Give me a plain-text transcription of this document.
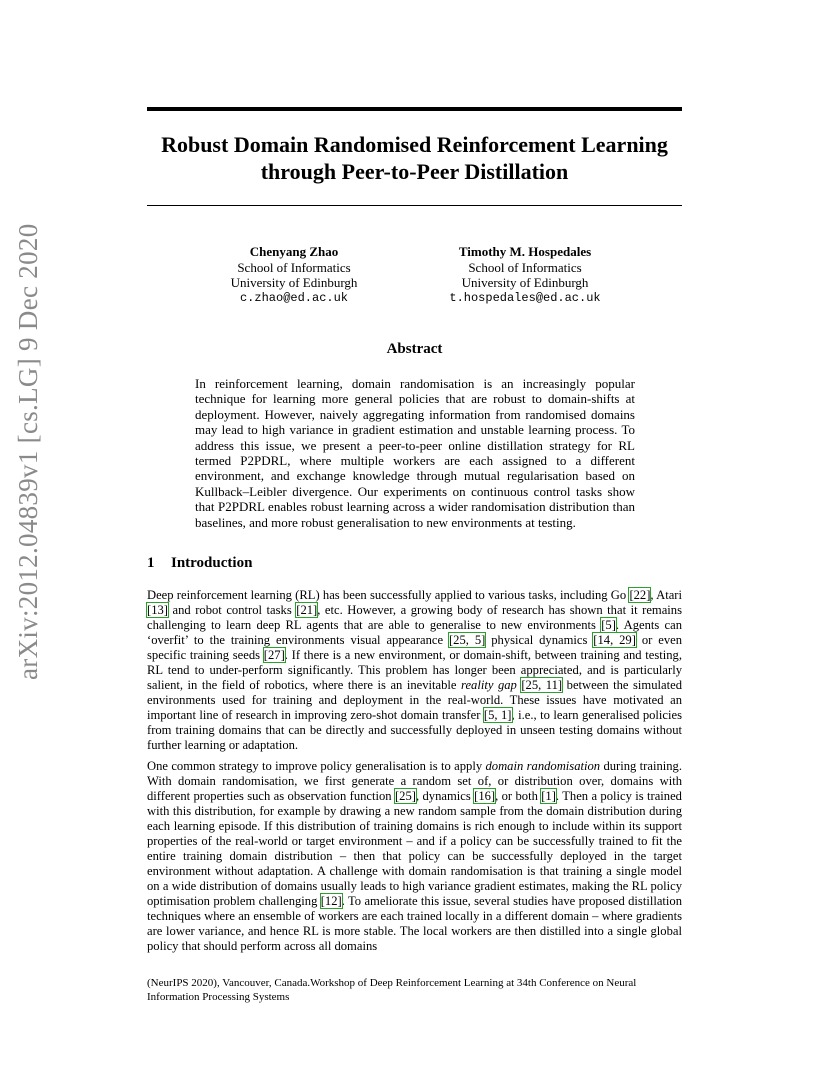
arXiv:2012.04839v1 [cs.LG] 9 Dec 2020
Robust Domain Randomised Reinforcement Learning
through Peer-to-Peer Distillation
Chenyang Zhao
School of Informatics
University of Edinburgh
c.zhao@ed.ac.uk
Timothy M. Hospedales
School of Informatics
University of Edinburgh
t.hospedales@ed.ac.uk
Abstract
In reinforcement learning, domain randomisation is an increasingly popular technique for learning more general policies that are robust to domain-shifts at deployment. However, naively aggregating information from randomised domains may lead to high variance in gradient estimation and unstable learning process. To address this issue, we present a peer-to-peer online distillation strategy for RL termed P2PDRL, where multiple workers are each assigned to a different environment, and exchange knowledge through mutual regularisation based on Kullback–Leibler divergence. Our experiments on continuous control tasks show that P2PDRL enables robust learning across a wider randomisation distribution than baselines, and more robust generalisation to new environments at testing.
1 Introduction

Deep reinforcement learning (RL) has been successfully applied to various tasks, including Go [22], Atari [13] and robot control tasks [21], etc. However, a growing body of research has shown that it remains challenging to learn deep RL agents that are able to generalise to new environments [5]. Agents can ‘overfit’ to the training environments visual appearance [25, 5] physical dynamics [14, 29] or even specific training seeds [27]. If there is a new environment, or domain-shift, between training and testing, RL tend to under-perform significantly. This problem has longer been appreciated, and is particularly salient, in the field of robotics, where there is an inevitable reality gap [25, 11] between the simulated environments used for training and deployment in the real-world. These issues have motivated an important line of research in improving zero-shot domain transfer [5, 1], i.e., to learn generalised policies from training domains that can be directly and successfully deployed in unseen testing domains without further learning or adaptation.

One common strategy to improve policy generalisation is to apply domain randomisation during training. With domain randomisation, we first generate a random set of, or distribution over, domains with different properties such as observation function [25], dynamics [16], or both [1]. Then a policy is trained with this distribution, for example by drawing a new random sample from the domain distribution during each learning episode. If this distribution of training domains is rich enough to include within its support properties of the real-world or target environment – and if a policy can be successfully trained to fit the entire training domain distribution – then that policy can be successfully deployed in the target environment without adaptation. A challenge with domain randomisation is that training a single model on a wide distribution of domains usually leads to high variance gradient estimates, making the RL policy optimisation problem challenging [12]. To ameliorate this issue, several studies have proposed distillation techniques where an ensemble of workers are each trained locally in a different domain – where gradients are lower variance, and hence RL is more stable. The local workers are then distilled into a single global policy that should perform across all domains

(NeurIPS 2020), Vancouver, Canada.Workshop of Deep Reinforcement Learning at 34th Conference on Neural Information Processing Systems
